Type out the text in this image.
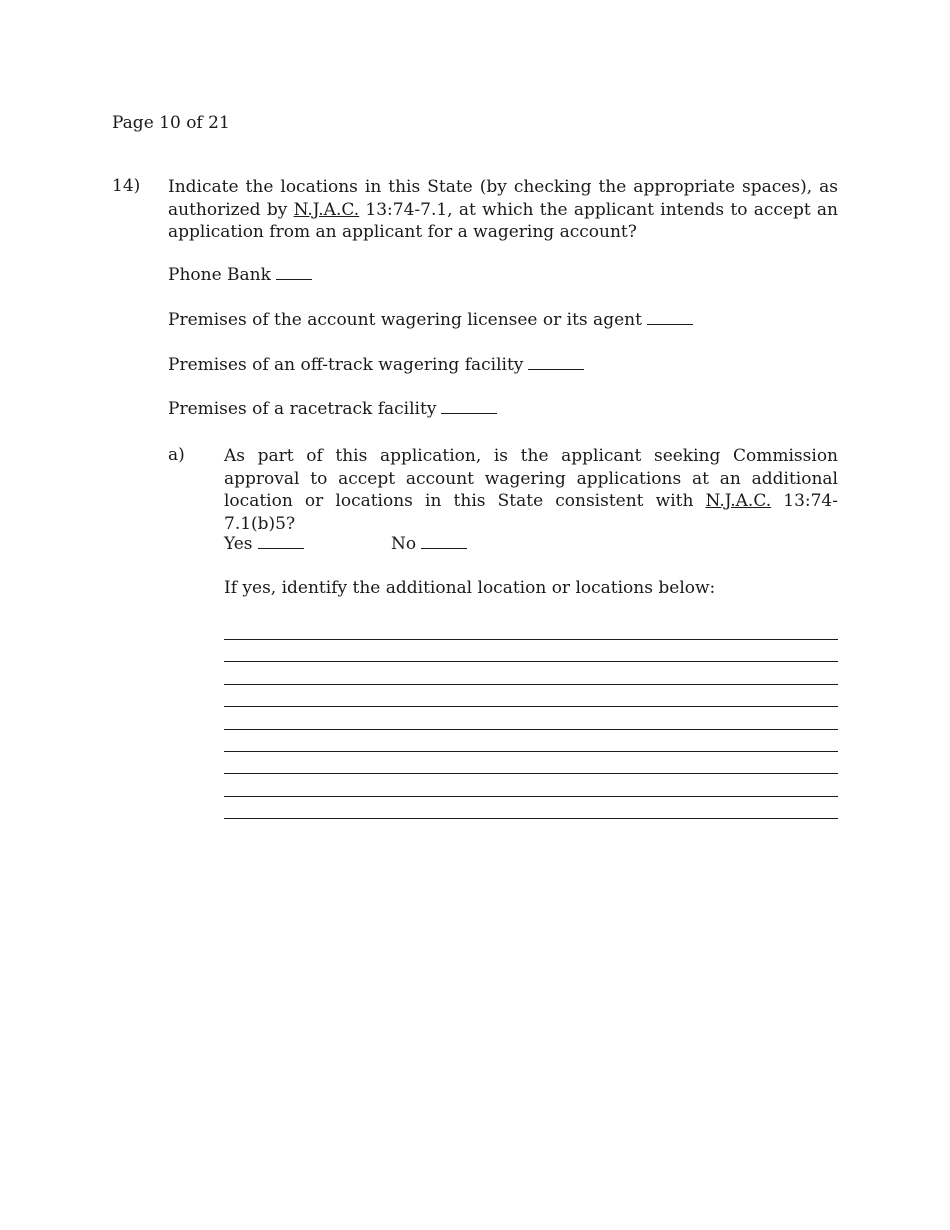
Page 10 of 21
14) Indicate the locations in this State (by checking the appropriate spaces), as authorized by N.J.A.C. 13:74-7.1, at which the applicant intends to accept an application from an applicant for a wagering account?
Phone Bank
Premises of the account wagering licensee or its agent
Premises of an off-track wagering facility
Premises of a racetrack facility
a) As part of this application, is the applicant seeking Commission approval to accept account wagering applications at an additional location or locations in this State consistent with N.J.A.C. 13:74-7.1(b)5?
Yes	No
If yes, identify the additional location or locations below:
